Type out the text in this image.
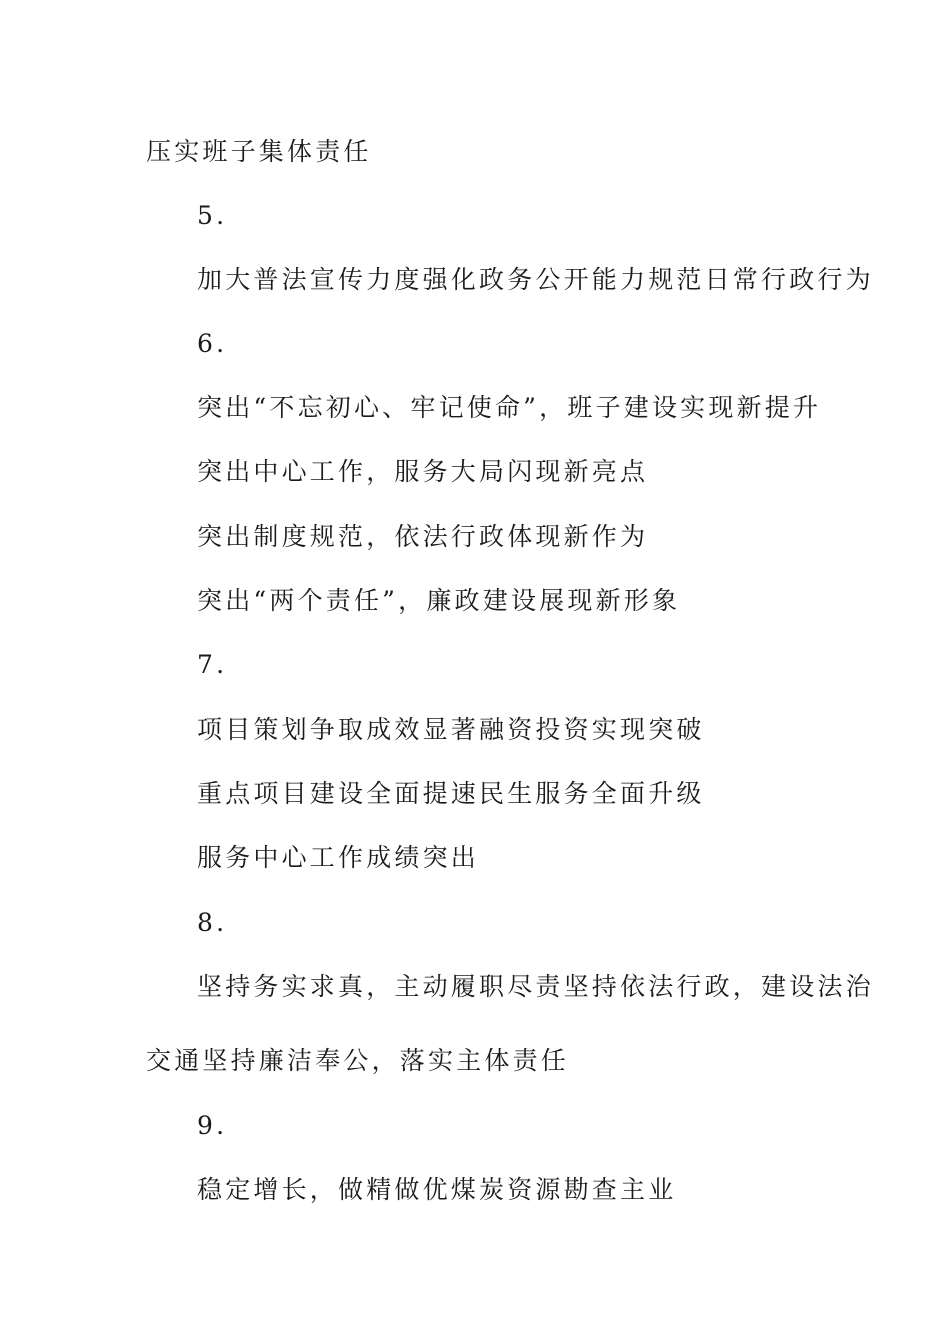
压实班子集体责任
5.
加大普法宣传力度强化政务公开能力规范日常行政行为
6.
突出“不忘初心、牢记使命”，班子建设实现新提升
突出中心工作，服务大局闪现新亮点
突出制度规范，依法行政体现新作为
突出“两个责任”，廉政建设展现新形象
7.
项目策划争取成效显著融资投资实现突破
重点项目建设全面提速民生服务全面升级
服务中心工作成绩突出
8.
坚持务实求真，主动履职尽责坚持依法行政，建设法治
交通坚持廉洁奉公，落实主体责任
9.
稳定增长，做精做优煤炭资源勘查主业
